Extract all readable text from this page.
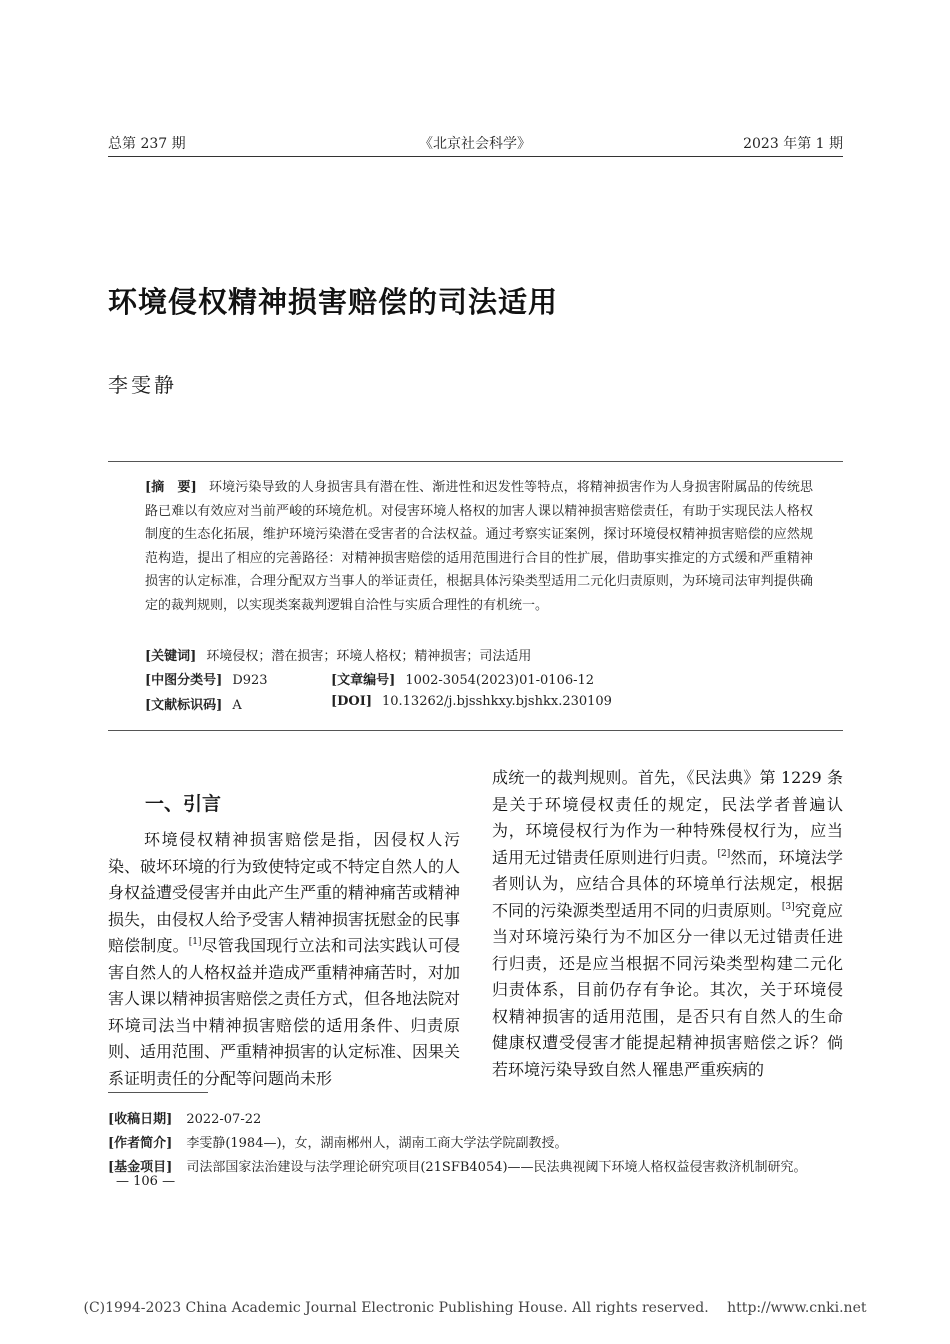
总第 237 期	《北京社会科学》	2023 年第 1 期
环境侵权精神损害赔偿的司法适用
李雯静
[摘　要] 环境污染导致的人身损害具有潜在性、渐进性和迟发性等特点，将精神损害作为人身损害附属品的传统思路已难以有效应对当前严峻的环境危机。对侵害环境人格权的加害人课以精神损害赔偿责任，有助于实现民法人格权制度的生态化拓展，维护环境污染潜在受害者的合法权益。通过考察实证案例，探讨环境侵权精神损害赔偿的应然规范构造，提出了相应的完善路径：对精神损害赔偿的适用范围进行合目的性扩展，借助事实推定的方式缓和严重精神损害的认定标准，合理分配双方当事人的举证责任，根据具体污染类型适用二元化归责原则，为环境司法审判提供确定的裁判规则，以实现类案裁判逻辑自洽性与实质合理性的有机统一。
[关键词] 环境侵权；潜在损害；环境人格权；精神损害；司法适用
[中图分类号] D923	[文章编号] 1002-3054(2023)01-0106-12
[文献标识码] A	[DOI] 10.13262/j.bjsshkxy.bjshkx.230109
一、引言
环境侵权精神损害赔偿是指，因侵权人污染、破坏环境的行为致使特定或不特定自然人的人身权益遭受侵害并由此产生严重的精神痛苦或精神损失，由侵权人给予受害人精神损害抚慰金的民事赔偿制度。[1]尽管我国现行立法和司法实践认可侵害自然人的人格权益并造成严重精神痛苦时，对加害人课以精神损害赔偿之责任方式，但各地法院对环境司法当中精神损害赔偿的适用条件、归责原则、适用范围、严重精神损害的认定标准、因果关系证明责任的分配等问题尚未形
成统一的裁判规则。首先，《民法典》第 1229 条是关于环境侵权责任的规定，民法学者普遍认为，环境侵权行为作为一种特殊侵权行为，应当适用无过错责任原则进行归责。[2]然而，环境法学者则认为，应结合具体的环境单行法规定，根据不同的污染源类型适用不同的归责原则。[3]究竟应当对环境污染行为不加区分一律以无过错责任进行归责，还是应当根据不同污染类型构建二元化归责体系，目前仍存有争论。其次，关于环境侵权精神损害的适用范围，是否只有自然人的生命健康权遭受侵害才能提起精神损害赔偿之诉？倘若环境污染导致自然人罹患严重疾病的
[收稿日期] 2022-07-22
[作者简介] 李雯静(1984—)，女，湖南郴州人，湖南工商大学法学院副教授。
[基金项目] 司法部国家法治建设与法学理论研究项目(21SFB4054)——民法典视阈下环境人格权益侵害救济机制研究。
— 106 —
(C)1994-2023 China Academic Journal Electronic Publishing House. All rights reserved.　 http://www.cnki.net
